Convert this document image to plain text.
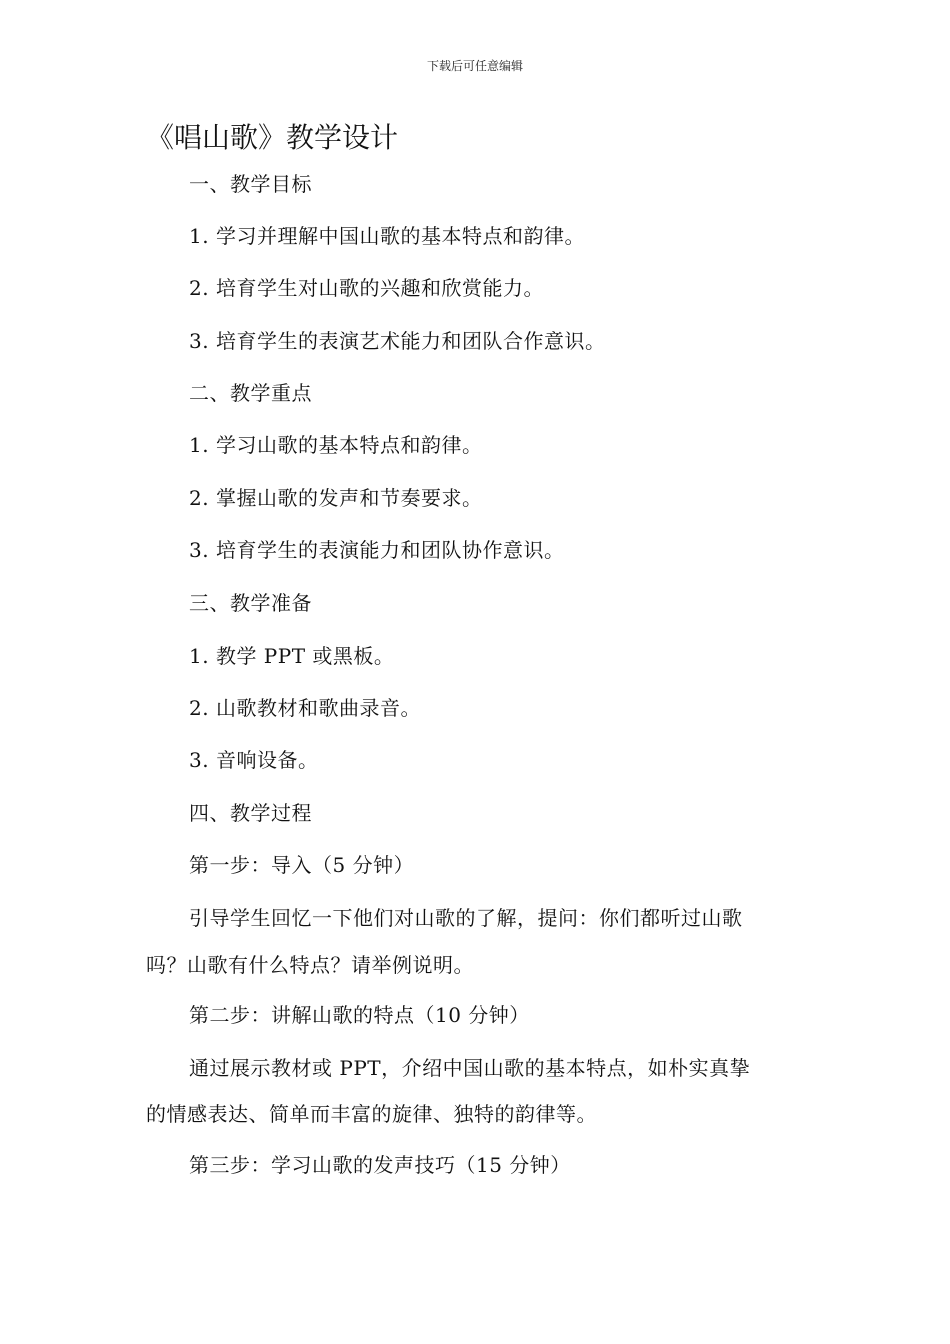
下载后可任意编辑
《唱山歌》教学设计
一、教学目标
1. 学习并理解中国山歌的基本特点和韵律。
2. 培育学生对山歌的兴趣和欣赏能力。
3. 培育学生的表演艺术能力和团队合作意识。
二、教学重点
1. 学习山歌的基本特点和韵律。
2. 掌握山歌的发声和节奏要求。
3. 培育学生的表演能力和团队协作意识。
三、教学准备
1. 教学 PPT 或黑板。
2. 山歌教材和歌曲录音。
3. 音响设备。
四、教学过程
第一步：导入（5 分钟）
引导学生回忆一下他们对山歌的了解，提问：你们都听过山歌
吗？山歌有什么特点？请举例说明。
第二步：讲解山歌的特点（10 分钟）
通过展示教材或 PPT，介绍中国山歌的基本特点，如朴实真挚
的情感表达、简单而丰富的旋律、独特的韵律等。
第三步：学习山歌的发声技巧（15 分钟）
